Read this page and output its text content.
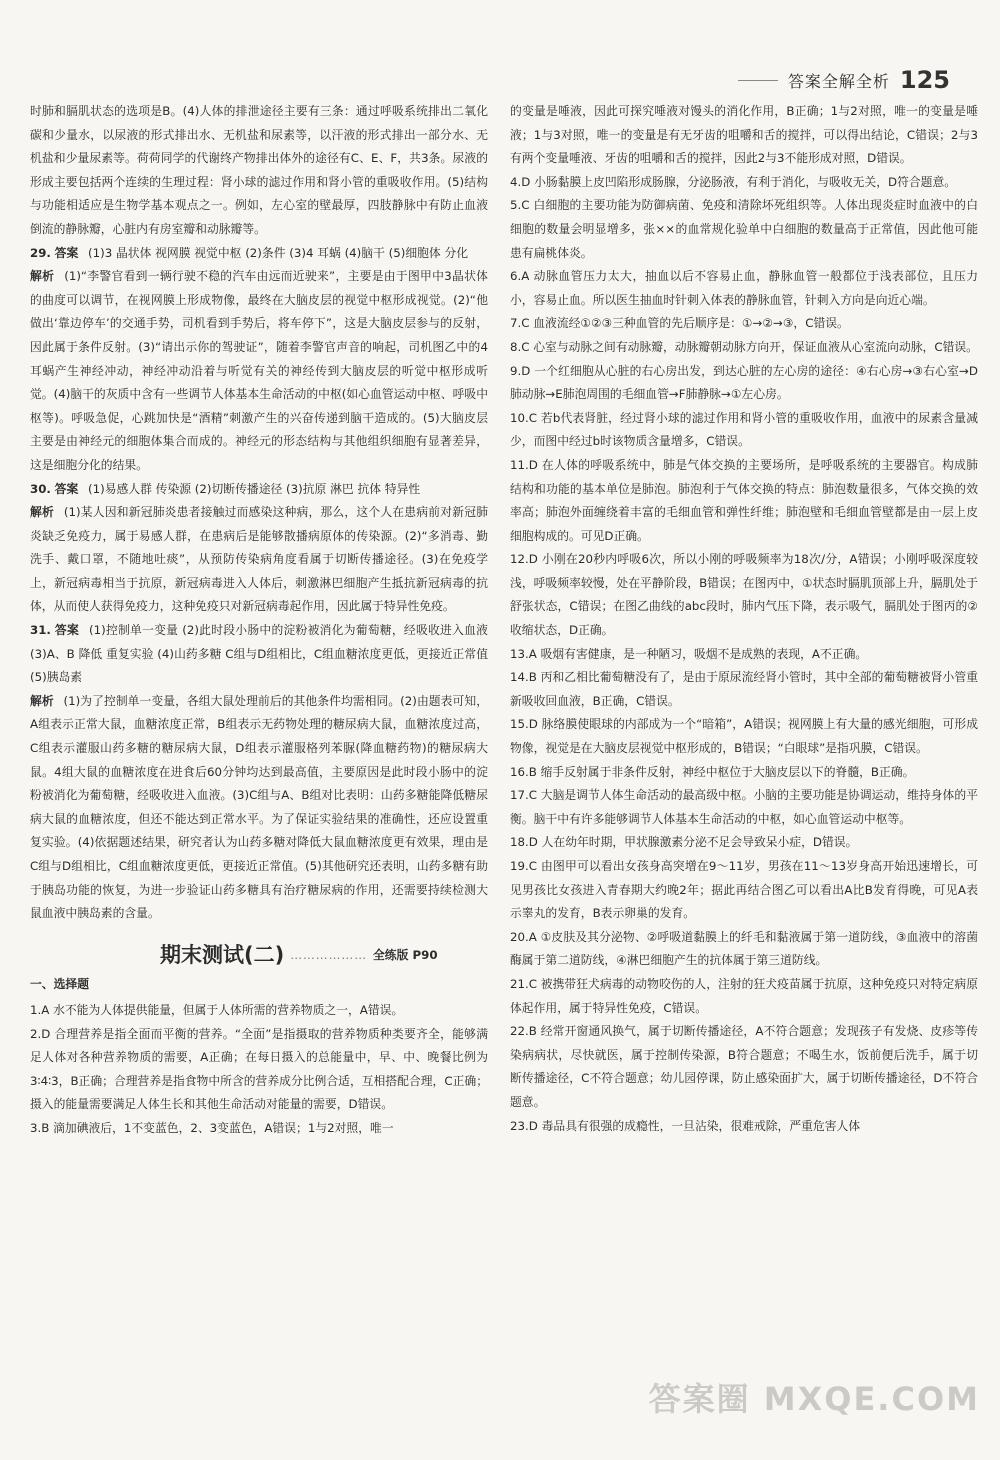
答案全解全析 125

时肺和膈肌状态的选项是B。(4)人体的排泄途径主要有三条：通过呼吸系统排出二氧化碳和少量水，以尿液的形式排出水、无机盐和尿素等，以汗液的形式排出一部分水、无机盐和少量尿素等。荷荷同学的代谢终产物排出体外的途径有C、E、F，共3条。尿液的形成主要包括两个连续的生理过程：肾小球的滤过作用和肾小管的重吸收作用。(5)结构与功能相适应是生物学基本观点之一。例如，左心室的壁最厚，四肢静脉中有防止血液倒流的静脉瓣，心脏内有房室瓣和动脉瓣等。

29. 答案 (1)3 晶状体 视网膜 视觉中枢 (2)条件 (3)4 耳蜗 (4)脑干 (5)细胞体 分化

解析 (1)“李警官看到一辆行驶不稳的汽车由远而近驶来”，主要是由于图甲中3晶状体的曲度可以调节，在视网膜上形成物像，最终在大脑皮层的视觉中枢形成视觉。(2)“他做出‘靠边停车’的交通手势，司机看到手势后，将车停下”，这是大脑皮层参与的反射，因此属于条件反射。(3)“请出示你的驾驶证”，随着李警官声音的响起，司机图乙中的4耳蜗产生神经冲动，神经冲动沿着与听觉有关的神经传到大脑皮层的听觉中枢形成听觉。(4)脑干的灰质中含有一些调节人体基本生命活动的中枢(如心血管运动中枢、呼吸中枢等)。呼吸急促，心跳加快是“酒精”刺激产生的兴奋传递到脑干造成的。(5)大脑皮层主要是由神经元的细胞体集合而成的。神经元的形态结构与其他组织细胞有显著差异，这是细胞分化的结果。

30. 答案 (1)易感人群 传染源 (2)切断传播途径 (3)抗原 淋巴 抗体 特异性

解析 (1)某人因和新冠肺炎患者接触过而感染这种病，那么，这个人在患病前对新冠肺炎缺乏免疫力，属于易感人群，在患病后是能够散播病原体的传染源。(2)“多消毒、勤洗手、戴口罩，不随地吐痰”，从预防传染病角度看属于切断传播途径。(3)在免疫学上，新冠病毒相当于抗原，新冠病毒进入人体后，刺激淋巴细胞产生抵抗新冠病毒的抗体，从而使人获得免疫力，这种免疫只对新冠病毒起作用，因此属于特异性免疫。

31. 答案 (1)控制单一变量 (2)此时段小肠中的淀粉被消化为葡萄糖，经吸收进入血液 (3)A、B 降低 重复实验 (4)山药多糖 C组与D组相比，C组血糖浓度更低，更接近正常值 (5)胰岛素

解析 (1)为了控制单一变量，各组大鼠处理前后的其他条件均需相同。(2)由题表可知，A组表示正常大鼠，血糖浓度正常，B组表示无药物处理的糖尿病大鼠，血糖浓度过高，C组表示灌服山药多糖的糖尿病大鼠，D组表示灌服格列苯脲(降血糖药物)的糖尿病大鼠。4组大鼠的血糖浓度在进食后60分钟均达到最高值，主要原因是此时段小肠中的淀粉被消化为葡萄糖，经吸收进入血液。(3)C组与A、B组对比表明：山药多糖能降低糖尿病大鼠的血糖浓度，但还不能达到正常水平。为了保证实验结果的准确性，还应设置重复实验。(4)依据题述结果，研究者认为山药多糖对降低大鼠血糖浓度更有效果，理由是C组与D组相比，C组血糖浓度更低，更接近正常值。(5)其他研究还表明，山药多糖有助于胰岛功能的恢复，为进一步验证山药多糖具有治疗糖尿病的作用，还需要持续检测大鼠血液中胰岛素的含量。

期末测试(二) ……………… 全练版 P90
一、选择题

1.A 水不能为人体提供能量，但属于人体所需的营养物质之一，A错误。

2.D 合理营养是指全面而平衡的营养。“全面”是指摄取的营养物质种类要齐全，能够满足人体对各种营养物质的需要，A正确；在每日摄入的总能量中，早、中、晚餐比例为3∶4∶3，B正确；合理营养是指食物中所含的营养成分比例合适，互相搭配合理，C正确；摄入的能量需要满足人体生长和其他生命活动对能量的需要，D错误。

3.B 滴加碘液后，1不变蓝色，2、3变蓝色，A错误；1与2对照，唯一

的变量是唾液，因此可探究唾液对馒头的消化作用，B正确；1与2对照，唯一的变量是唾液；1与3对照，唯一的变量是有无牙齿的咀嚼和舌的搅拌，可以得出结论，C错误；2与3有两个变量唾液、牙齿的咀嚼和舌的搅拌，因此2与3不能形成对照，D错误。

4.D 小肠黏膜上皮凹陷形成肠腺，分泌肠液，有利于消化，与吸收无关，D符合题意。

5.C 白细胞的主要功能为防御病菌、免疫和清除坏死组织等。人体出现炎症时血液中的白细胞的数量会明显增多，张××的血常规化验单中白细胞的数量高于正常值，因此他可能患有扁桃体炎。

6.A 动脉血管压力太大，抽血以后不容易止血，静脉血管一般都位于浅表部位，且压力小，容易止血。所以医生抽血时针刺入体表的静脉血管，针刺入方向是向近心端。

7.C 血液流经①②③三种血管的先后顺序是：①→②→③，C错误。

8.C 心室与动脉之间有动脉瓣，动脉瓣朝动脉方向开，保证血液从心室流向动脉，C错误。

9.D 一个红细胞从心脏的右心房出发，到达心脏的左心房的途径：④右心房→③右心室→D肺动脉→E肺泡周围的毛细血管→F肺静脉→①左心房。

10.C 若b代表肾脏，经过肾小球的滤过作用和肾小管的重吸收作用，血液中的尿素含量减少，而图中经过b时该物质含量增多，C错误。

11.D 在人体的呼吸系统中，肺是气体交换的主要场所，是呼吸系统的主要器官。构成肺结构和功能的基本单位是肺泡。肺泡利于气体交换的特点：肺泡数量很多，气体交换的效率高；肺泡外面缠绕着丰富的毛细血管和弹性纤维；肺泡壁和毛细血管壁都是由一层上皮细胞构成的。可见D正确。

12.D 小刚在20秒内呼吸6次，所以小刚的呼吸频率为18次/分，A错误；小刚呼吸深度较浅，呼吸频率较慢，处在平静阶段，B错误；在图丙中，①状态时膈肌顶部上升，膈肌处于舒张状态，C错误；在图乙曲线的abc段时，肺内气压下降，表示吸气，膈肌处于图丙的②收缩状态，D正确。

13.A 吸烟有害健康，是一种陋习，吸烟不是成熟的表现，A不正确。

14.B 丙和乙相比葡萄糖没有了，是由于原尿流经肾小管时，其中全部的葡萄糖被肾小管重新吸收回血液，B正确，C错误。

15.D 脉络膜使眼球的内部成为一个“暗箱”，A错误；视网膜上有大量的感光细胞，可形成物像，视觉是在大脑皮层视觉中枢形成的，B错误；“白眼球”是指巩膜，C错误。

16.B 缩手反射属于非条件反射，神经中枢位于大脑皮层以下的脊髓，B正确。

17.C 大脑是调节人体生命活动的最高级中枢。小脑的主要功能是协调运动，维持身体的平衡。脑干中有许多能够调节人体基本生命活动的中枢，如心血管运动中枢等。

18.D 人在幼年时期，甲状腺激素分泌不足会导致呆小症，D错误。

19.C 由图甲可以看出女孩身高突增在9～11岁，男孩在11～13岁身高开始迅速增长，可见男孩比女孩进入青春期大约晚2年；据此再结合图乙可以看出A比B发育得晚，可见A表示睾丸的发育，B表示卵巢的发育。

20.A ①皮肤及其分泌物、②呼吸道黏膜上的纤毛和黏液属于第一道防线，③血液中的溶菌酶属于第二道防线，④淋巴细胞产生的抗体属于第三道防线。

21.C 被携带狂犬病毒的动物咬伤的人，注射的狂犬疫苗属于抗原，这种免疫只对特定病原体起作用，属于特异性免疫，C错误。

22.B 经常开窗通风换气，属于切断传播途径，A不符合题意；发现孩子有发烧、皮疹等传染病病状，尽快就医，属于控制传染源，B符合题意；不喝生水，饭前便后洗手，属于切断传播途径，C不符合题意；幼儿园停课，防止感染面扩大，属于切断传播途径，D不符合题意。

23.D 毒品具有很强的成瘾性，一旦沾染，很难戒除，严重危害人体

答案圈 MXQE.COM
